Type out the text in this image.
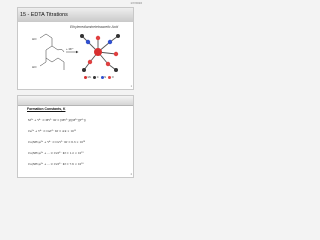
1/7/2016
15 - EDTA Titrations
Ethylenediaminetetraacetic Acid
HO
HO
+ M²⁺
Mn	C	N	O
1
Formation Constants, K
M²⁺ + Y⁴⁻ ⇌ MY²⁻ Kf = [MY²⁻]/([M²⁺][Y⁴⁻])
Ca²⁺ + Y⁴⁻ ⇌ CaY²⁻ Kf = 4.9 × 10¹⁰
Cu(NH₃)₄²⁺ + Y⁴⁻ ⇌ CuY²⁻ Kf = 6.3 × 10¹⁸
Cu(NH₃)₄²⁺ + ... ⇌ CuY²⁻ Kf = 1.2 × 10¹⁹
Cu(NH₃)₄²⁺ + ... ⇌ CuY²⁻ Kf = 7.6 × 10¹⁸
2
